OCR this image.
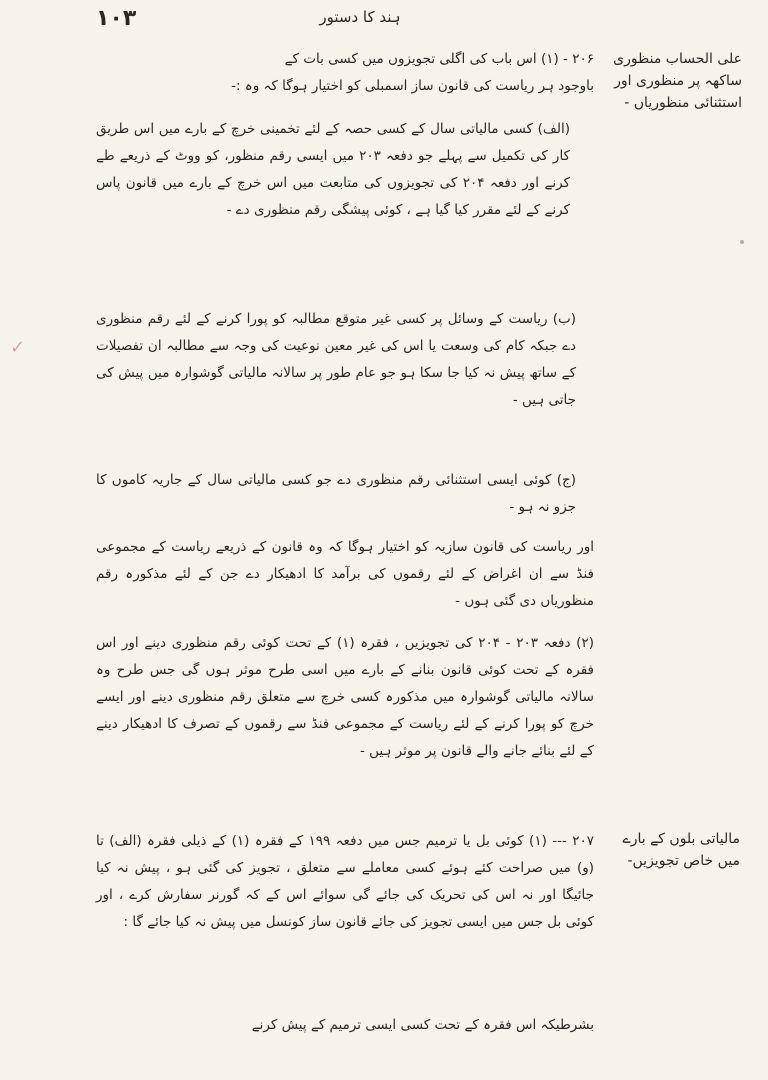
۱۰۳	ہند کا دستور
علی الحساب منظوری ساکھہ پر منظوری اور استثنائی منظوریاں -
مالیاتی بلوں کے بارے میں خاص تجویزیں-
۲۰۶ - (۱) اس باب کی اگلی تجویزوں میں کسی بات کے
باوجود ہر ریاست کی قانون ساز اسمبلی کو اختیار ہوگا کہ وہ :-
(الف) کسی مالیاتی سال کے کسی حصہ کے لئے تخمینی خرچ کے بارے میں اس طریق کار کی تکمیل سے پہلے جو دفعہ ۲۰۳ میں ایسی رقم منظور، کو ووٹ کے ذریعے طے کرنے اور دفعہ ۲۰۴ کی تجویزوں کی متابعت میں اس خرچ کے بارے میں قانون پاس کرنے کے لئے مقرر کیا گیا ہے ، کوئی پیشگی رقم منظوری دے -
(ب) ریاست کے وسائل پر کسی غیر متوقع مطالبہ کو پورا کرنے کے لئے رقم منظوری دے جبکہ کام کی وسعت یا اس کی غیر معین نوعیت کی وجہ سے مطالبہ ان تفصیلات کے ساتھ پیش نہ کیا جا سکا ہو جو عام طور پر سالانہ مالیاتی گوشوارہ میں پیش کی جاتی ہیں -
(ج) کوئی ایسی استثنائی رقم منظوری دے جو کسی مالیاتی سال کے جاریہ کاموں کا جزو نہ ہو -
اور ریاست کی قانون سازیہ کو اختیار ہوگا کہ وہ قانون کے ذریعے ریاست کے مجموعی فنڈ سے ان اغراض کے لئے رقموں کی برآمد کا ادھیکار دے جن کے لئے مذکورہ رقم منظوریاں دی گئی ہوں -
(۲) دفعہ ۲۰۳ - ۲۰۴ کی تجویزیں ، فقرہ (۱) کے تحت کوئی رقم منظوری دینے اور اس فقرہ کے تحت کوئی قانون بنانے کے بارے میں اسی طرح موثر ہوں گی جس طرح وہ سالانہ مالیاتی گوشوارہ میں مذکورہ کسی خرچ سے متعلق رقم منظوری دینے اور ایسے خرچ کو پورا کرنے کے لئے ریاست کے مجموعی فنڈ سے رقموں کے تصرف کا ادھیکار دینے کے لئے بنائے جانے والے قانون پر موثر ہیں -
۲۰۷ --- (۱) کوئی بل یا ترمیم جس میں دفعہ ۱۹۹ کے فقرہ (۱) کے ذیلی فقرہ (الف) تا (و) میں صراحت کئے ہوئے کسی معاملے سے متعلق ، تجویز کی گئی ہو ، پیش نہ کیا جائیگا اور نہ اس کی تحریک کی جائے گی سوائے اس کے کہ گورنر سفارش کرے ، اور کوئی بل جس میں ایسی تجویز کی جائے قانون ساز کونسل میں پیش نہ کیا جائے گا :
بشرطیکہ اس فقرہ کے تحت کسی ایسی ترمیم کے پیش کرنے
✓
